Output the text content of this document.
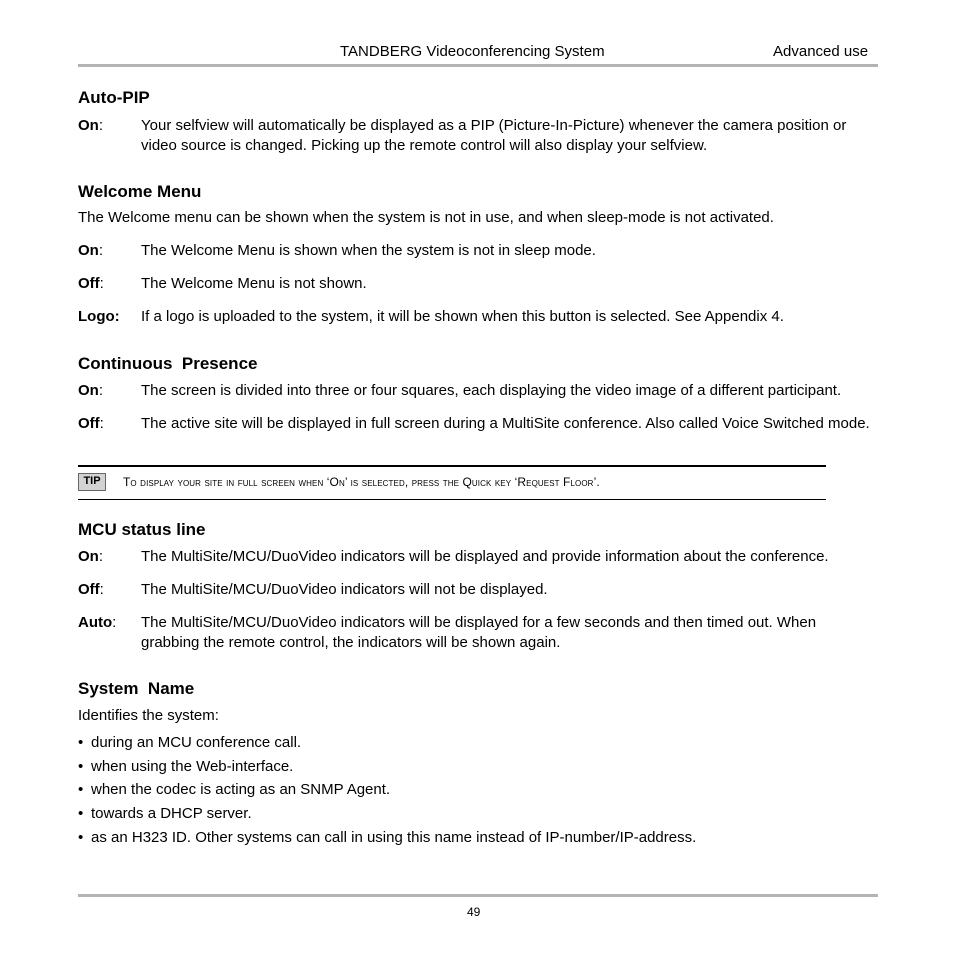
TANDBERG Videoconferencing System	Advanced use
Auto-PIP
On:	Your selfview will automatically be displayed as a PIP (Picture-In-Picture) whenever the camera position or video source is changed. Picking up the remote control will also display your selfview.
Welcome Menu
The Welcome menu can be shown when the system is not in use, and when sleep-mode is not activated.
On:	The Welcome Menu is shown when the system is not in sleep mode.
Off: The Welcome Menu is not shown.
Logo: If a logo is uploaded to the system, it will be shown when this button is selected. See Appendix 4.
Continuous  Presence
On:	The screen is divided into three or four squares, each displaying the video image of a different participant.
Off: The active site will be displayed in full screen during a MultiSite conference. Also called Voice Switched mode.
TIP	To display your site in full screen when ‘On’ is selected, press the Quick key ‘Request Floor’.
MCU status line
On:	The MultiSite/MCU/DuoVideo indicators will be displayed and provide information about the conference.
Off: The MultiSite/MCU/DuoVideo indicators will not be displayed.
Auto: The MultiSite/MCU/DuoVideo indicators will be displayed for a few seconds and then timed out. When grabbing the remote control, the indicators will be shown again.
System  Name
Identifies the system:
• during an MCU conference call.
• when using the Web-interface.
• when the codec is acting as an SNMP Agent.
• towards a DHCP server.
• as an H323 ID. Other systems can call in using this name instead of IP-number/IP-address.
49
